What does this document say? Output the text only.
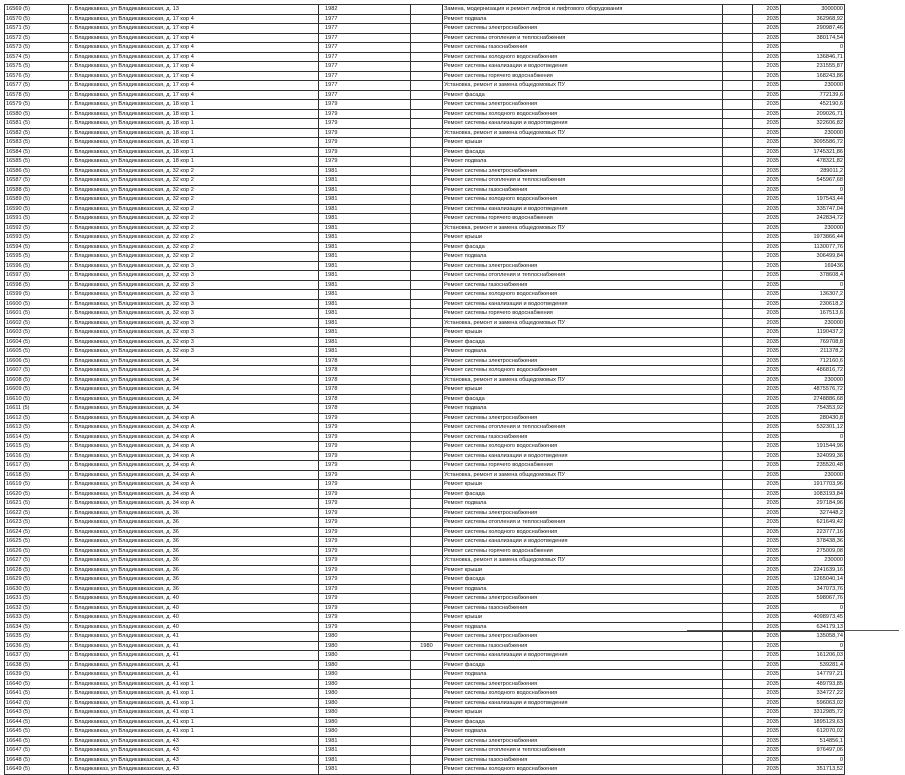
16569 (5)	г. Владикавказ, ул Владикавказская, д. 13	1982		Замена, модернизация и ремонт лифтов и лифтового оборудования		2035	3000000
16570 (5)	г. Владикавказ, ул Владикавказская, д. 17 кор 4	1977		Ремонт подвала		2035	362968,92
16571 (5)	г. Владикавказ, ул Владикавказская, д. 17 кор 4	1977		Ремонт системы электроснабжения		2035	290987,46
16572 (5)	г. Владикавказ, ул Владикавказская, д. 17 кор 4	1977		Ремонт системы отопления и теплоснабжения		2035	380174,54
16573 (5)	г. Владикавказ, ул Владикавказская, д. 17 кор 4	1977		Ремонт системы газоснабжения		2035	0
16574 (5)	г. Владикавказ, ул Владикавказская, д. 17 кор 4	1977		Ремонт системы холодного водоснабжения		2035	136846,71
16575 (5)	г. Владикавказ, ул Владикавказская, д. 17 кор 4	1977		Ремонт системы канализации и водоотведения		2035	231555,87
16576 (5)	г. Владикавказ, ул Владикавказская, д. 17 кор 4	1977		Ремонт системы горячего водоснабжения		2035	168243,86
16577 (5)	г. Владикавказ, ул Владикавказская, д. 17 кор 4	1977		Установка, ремонт и замена общедомовых ПУ		2035	230000
16578 (5)	г. Владикавказ, ул Владикавказская, д. 17 кор 4	1977		Ремонт фасада		2035	772139,6
16579 (5)	г. Владикавказ, ул Владикавказская, д. 18 кор 1	1979		Ремонт системы электроснабжения		2035	452190,6
16580 (5)	г. Владикавказ, ул Владикавказская, д. 18 кор 1	1979		Ремонт системы холодного водоснабжения		2035	209026,71
16581 (5)	г. Владикавказ, ул Владикавказская, д. 18 кор 1	1979		Ремонт системы канализации и водоотведения		2035	322606,82
16582 (5)	г. Владикавказ, ул Владикавказская, д. 18 кор 1	1979		Установка, ремонт и замена общедомовых ПУ		2035	230000
16583 (5)	г. Владикавказ, ул Владикавказская, д. 18 кор 1	1979		Ремонт крыши		2035	3095586,72
16584 (5)	г. Владикавказ, ул Владикавказская, д. 18 кор 1	1979		Ремонт фасада		2035	1745321,86
16585 (5)	г. Владикавказ, ул Владикавказская, д. 18 кор 1	1979		Ремонт подвала		2035	478321,82
16586 (5)	г. Владикавказ, ул Владикавказская, д. 32 кор 2	1981		Ремонт системы электроснабжения		2035	289011,2
16587 (5)	г. Владикавказ, ул Владикавказская, д. 32 кор 2	1981		Ремонт системы отопления и теплоснабжения		2035	545967,68
16588 (5)	г. Владикавказ, ул Владикавказская, д. 32 кор 2	1981		Ремонт системы газоснабжения		2035	0
16589 (5)	г. Владикавказ, ул Владикавказская, д. 32 кор 2	1981		Ремонт системы холодного водоснабжения		2035	197543,44
16590 (5)	г. Владикавказ, ул Владикавказская, д. 32 кор 2	1981		Ремонт системы канализации и водоотведения		2035	335747,04
16591 (5)	г. Владикавказ, ул Владикавказская, д. 32 кор 2	1981		Ремонт системы горячего водоснабжения		2035	242834,72
16592 (5)	г. Владикавказ, ул Владикавказская, д. 32 кор 2	1981		Установка, ремонт и замена общедомовых ПУ		2035	230000
16593 (5)	г. Владикавказ, ул Владикавказская, д. 32 кор 2	1981		Ремонт крыши		2035	1973866,44
16594 (5)	г. Владикавказ, ул Владикавказская, д. 32 кор 2	1981		Ремонт фасада		2035	1130077,76
16595 (5)	г. Владикавказ, ул Владикавказская, д. 32 кор 2	1981		Ремонт подвала		2035	306499,84
16596 (5)	г. Владикавказ, ул Владикавказская, д. 32 кор 3	1981		Ремонт системы электроснабжения		2035	169436
16597 (5)	г. Владикавказ, ул Владикавказская, д. 32 кор 3	1981		Ремонт системы отопления и теплоснабжения		2035	378608,4
16598 (5)	г. Владикавказ, ул Владикавказская, д. 32 кор 3	1981		Ремонт системы газоснабжения		2035	0
16599 (5)	г. Владикавказ, ул Владикавказская, д. 32 кор 3	1981		Ремонт системы холодного водоснабжения		2035	136307,2
16600 (5)	г. Владикавказ, ул Владикавказская, д. 32 кор 3	1981		Ремонт системы канализации и водоотведения		2035	230618,2
16601 (5)	г. Владикавказ, ул Владикавказская, д. 32 кор 3	1981		Ремонт системы горячего водоснабжения		2035	167513,6
16602 (5)	г. Владикавказ, ул Владикавказская, д. 32 кор 3	1981		Установка, ремонт и замена общедомовых ПУ		2035	230000
16603 (5)	г. Владикавказ, ул Владикавказская, д. 32 кор 3	1981		Ремонт крыши		2035	1190437,2
16604 (5)	г. Владикавказ, ул Владикавказская, д. 32 кор 3	1981		Ремонт фасада		2035	769708,8
16605 (5)	г. Владикавказ, ул Владикавказская, д. 32 кор 3	1981		Ремонт подвала		2035	211378,2
16606 (5)	г. Владикавказ, ул Владикавказская, д. 34	1978		Ремонт системы электроснабжения		2035	712160,6
16607 (5)	г. Владикавказ, ул Владикавказская, д. 34	1978		Ремонт системы холодного водоснабжения		2035	486816,72
16608 (5)	г. Владикавказ, ул Владикавказская, д. 34	1978		Установка, ремонт и замена общедомовых ПУ		2035	230000
16609 (5)	г. Владикавказ, ул Владикавказская, д. 34	1978		Ремонт крыши		2035	4875576,72
16610 (5)	г. Владикавказ, ул Владикавказская, д. 34	1978		Ремонт фасада		2035	2748886,68
16611 (5)	г. Владикавказ, ул Владикавказская, д. 34	1978		Ремонт подвала		2035	754353,92
16612 (5)	г. Владикавказ, ул Владикавказская, д. 34 кор А	1979		Ремонт системы электроснабжения		2035	280430,8
16613 (5)	г. Владикавказ, ул Владикавказская, д. 34 кор А	1979		Ремонт системы отопления и теплоснабжения		2035	532301,12
16614 (5)	г. Владикавказ, ул Владикавказская, д. 34 кор А	1979		Ремонт системы газоснабжения		2035	0
16615 (5)	г. Владикавказ, ул Владикавказская, д. 34 кор А	1979		Ремонт системы холодного водоснабжения		2035	191544,96
16616 (5)	г. Владикавказ, ул Владикавказская, д. 34 кор А	1979		Ремонт системы канализации и водоотведения		2035	324099,36
16617 (5)	г. Владикавказ, ул Владикавказская, д. 34 кор А	1979		Ремонт системы горячего водоснабжения		2035	235520,48
16618 (5)	г. Владикавказ, ул Владикавказская, д. 34 кор А	1979		Установка, ремонт и замена общедомовых ПУ		2035	230000
16619 (5)	г. Владикавказ, ул Владикавказская, д. 34 кор А	1979		Ремонт крыши		2035	1917703,96
16620 (5)	г. Владикавказ, ул Владикавказская, д. 34 кор А	1979		Ремонт фасада		2035	1083193,84
16621 (5)	г. Владикавказ, ул Владикавказская, д. 34 кор А	1979		Ремонт подвала		2035	297184,96
16622 (5)	г. Владикавказ, ул Владикавказская, д. 36	1979		Ремонт системы электроснабжения		2035	327448,2
16623 (5)	г. Владикавказ, ул Владикавказская, д. 36	1979		Ремонт системы отопления и теплоснабжения		2035	621649,42
16624 (5)	г. Владикавказ, ул Владикавказская, д. 36	1979		Ремонт системы холодного водоснабжения		2035	223777,16
16625 (5)	г. Владикавказ, ул Владикавказская, д. 36	1979		Ремонт системы канализации и водоотведения		2035	378438,36
16626 (5)	г. Владикавказ, ул Владикавказская, д. 36	1979		Ремонт системы горячего водоснабжения		2035	275009,08
16627 (5)	г. Владикавказ, ул Владикавказская, д. 36	1979		Установка, ремонт и замена общедомовых ПУ		2035	230000
16628 (5)	г. Владикавказ, ул Владикавказская, д. 36	1979		Ремонт крыши		2035	2241639,16
16629 (5)	г. Владикавказ, ул Владикавказская, д. 36	1979		Ремонт фасада		2035	1265040,14
16630 (5)	г. Владикавказ, ул Владикавказская, д. 36	1979		Ремонт подвала		2035	347073,76
16631 (5)	г. Владикавказ, ул Владикавказская, д. 40	1979		Ремонт системы электроснабжения		2035	598067,76
16632 (5)	г. Владикавказ, ул Владикавказская, д. 40	1979		Ремонт системы газоснабжения		2035	0
16633 (5)	г. Владикавказ, ул Владикавказская, д. 40	1979		Ремонт крыши		2035	4098973,45
16634 (5)	г. Владикавказ, ул Владикавказская, д. 40	1979		Ремонт подвала		2035	634179,13
16635 (5)	г. Владикавказ, ул Владикавказская, д. 41	1980		Ремонт системы электроснабжения		2035	135058,74
16636 (5)	г. Владикавказ, ул Владикавказская, д. 41	1980	1980	Ремонт системы газоснабжения		2035	0
16637 (5)	г. Владикавказ, ул Владикавказская, д. 41	1980		Ремонт системы канализации и водоотведения		2035	161206,03
16638 (5)	г. Владикавказ, ул Владикавказская, д. 41	1980		Ремонт фасада		2035	539281,4
16639 (5)	г. Владикавказ, ул Владикавказская, д. 41	1980		Ремонт подвала		2035	147797,21
16640 (5)	г. Владикавказ, ул Владикавказская, д. 41 кор 1	1980		Ремонт системы электроснабжения		2035	489793,85
16641 (5)	г. Владикавказ, ул Владикавказская, д. 41 кор 1	1980		Ремонт системы холодного водоснабжения		2035	334727,22
16642 (5)	г. Владикавказ, ул Владикавказская, д. 41 кор 1	1980		Ремонт системы канализации и водоотведения		2035	596063,02
16643 (5)	г. Владикавказ, ул Владикавказская, д. 41 кор 1	1980		Ремонт крыши		2035	3312985,72
16644 (5)	г. Владикавказ, ул Владикавказская, д. 41 кор 1	1980		Ремонт фасада		2035	1895129,63
16645 (5)	г. Владикавказ, ул Владикавказская, д. 41 кор 1	1980		Ремонт подвала		2035	612070,02
16646 (5)	г. Владикавказ, ул Владикавказская, д. 43	1981		Ремонт системы электроснабжения		2035	514856,1
16647 (5)	г. Владикавказ, ул Владикавказская, д. 43	1981		Ремонт системы отопления и теплоснабжения		2035	976497,06
16648 (5)	г. Владикавказ, ул Владикавказская, д. 43	1981		Ремонт системы газоснабжения		2035	0
16649 (5)	г. Владикавказ, ул Владикавказская, д. 43	1981		Ремонт системы холодного водоснабжения		2035	351713,52
